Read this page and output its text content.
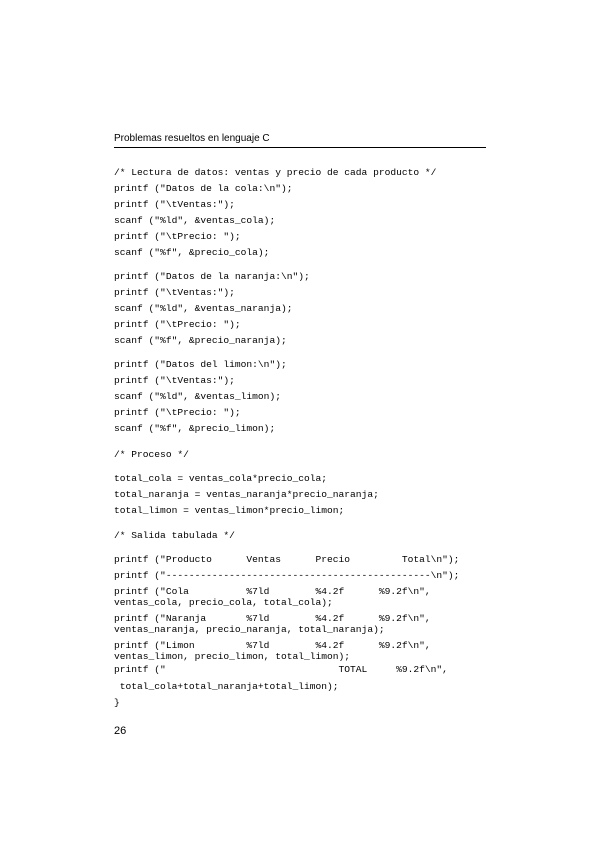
Problemas resueltos en lenguaje C
/* Lectura de datos: ventas y precio de cada producto */
printf ("Datos de la cola:\n");
printf ("\tVentas:");
scanf ("%ld", &ventas_cola);
printf ("\tPrecio: ");
scanf ("%f", &precio_cola);
printf ("Datos de la naranja:\n");
printf ("\tVentas:");
scanf ("%ld", &ventas_naranja);
printf ("\tPrecio: ");
scanf ("%f", &precio_naranja);
printf ("Datos del limon:\n");
printf ("\tVentas:");
scanf ("%ld", &ventas_limon);
printf ("\tPrecio: ");
scanf ("%f", &precio_limon);
/* Proceso */
total_cola = ventas_cola*precio_cola;
total_naranja = ventas_naranja*precio_naranja;
total_limon = ventas_limon*precio_limon;
/* Salida tabulada */
printf ("Producto      Ventas      Precio         Total\n");
printf ("----------------------------------------------\n");
printf ("Cola          %7ld        %4.2f      %9.2f\n",
ventas_cola, precio_cola, total_cola);
printf ("Naranja       %7ld        %4.2f      %9.2f\n",
ventas_naranja, precio_naranja, total_naranja);
printf ("Limon         %7ld        %4.2f      %9.2f\n",
ventas_limon, precio_limon, total_limon);
printf ("                              TOTAL     %9.2f\n",
total_cola+total_naranja+total_limon);
}
26
